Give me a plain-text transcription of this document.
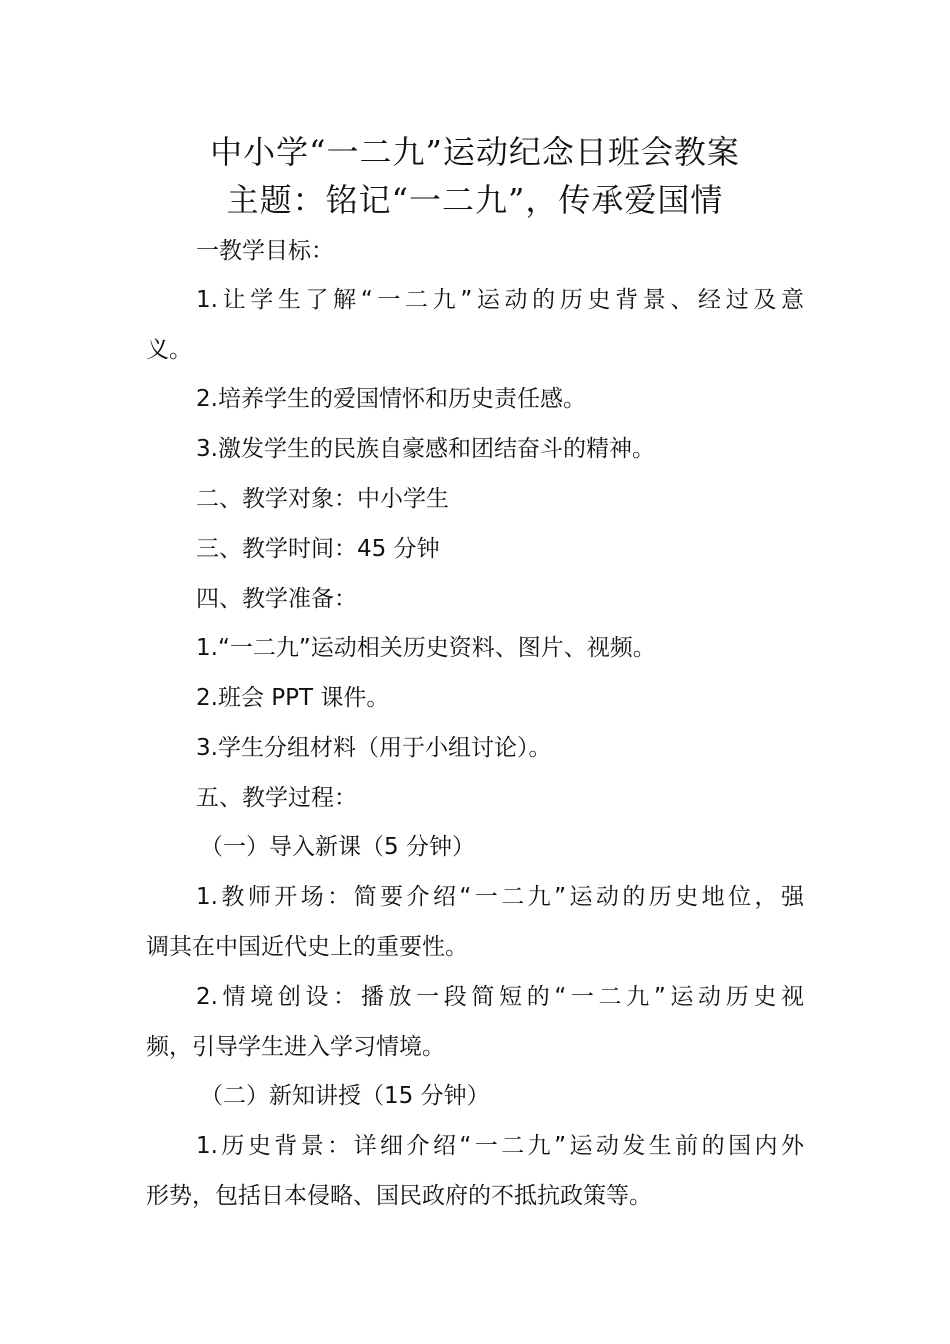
中小学“一二九”运动纪念日班会教案
主题：铭记“一二九”，传承爱国情
一教学目标：
1.让学生了解“一二九”运动的历史背景、经过及意
义。
2.培养学生的爱国情怀和历史责任感。
3.激发学生的民族自豪感和团结奋斗的精神。
二、教学对象：中小学生
三、教学时间：45 分钟
四、教学准备：
1.“一二九”运动相关历史资料、图片、视频。
2.班会 PPT 课件。
3.学生分组材料（用于小组讨论）。
五、教学过程：
（一）导入新课（5 分钟）
1.教师开场：简要介绍“一二九”运动的历史地位，强
调其在中国近代史上的重要性。
2.情境创设：播放一段简短的“一二九”运动历史视
频，引导学生进入学习情境。
（二）新知讲授（15 分钟）
1.历史背景：详细介绍“一二九”运动发生前的国内外
形势，包括日本侵略、国民政府的不抵抗政策等。
